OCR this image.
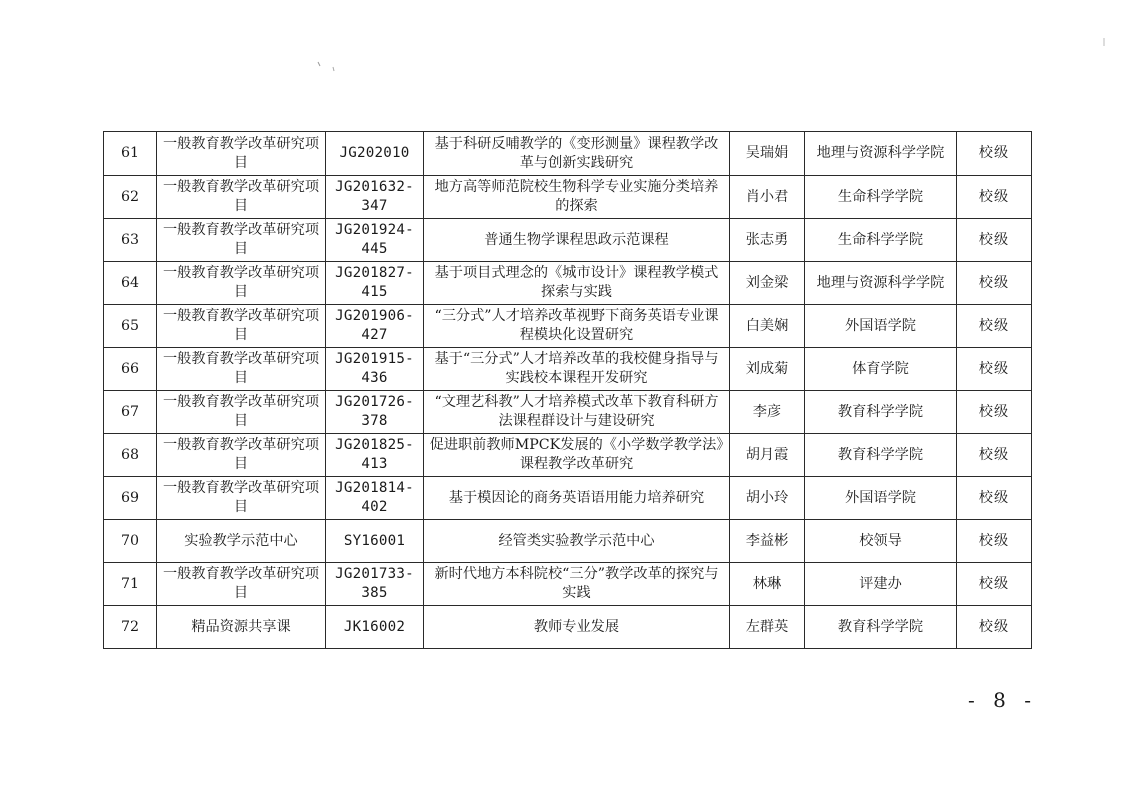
61	一般教育教学改革研究项目	JG202010	基于科研反哺教学的《变形测量》课程教学改革与创新实践研究	吴瑞娟	地理与资源科学学院	校级
62	一般教育教学改革研究项目	JG201632-347	地方高等师范院校生物科学专业实施分类培养的探索	肖小君	生命科学学院	校级
63	一般教育教学改革研究项目	JG201924-445	普通生物学课程思政示范课程	张志勇	生命科学学院	校级
64	一般教育教学改革研究项目	JG201827-415	基于项目式理念的《城市设计》课程教学模式探索与实践	刘金梁	地理与资源科学学院	校级
65	一般教育教学改革研究项目	JG201906-427	“三分式”人才培养改革视野下商务英语专业课程模块化设置研究	白美娴	外国语学院	校级
66	一般教育教学改革研究项目	JG201915-436	基于“三分式”人才培养改革的我校健身指导与实践校本课程开发研究	刘成菊	体育学院	校级
67	一般教育教学改革研究项目	JG201726-378	“文理艺科教”人才培养模式改革下教育科研方法课程群设计与建设研究	李彦	教育科学学院	校级
68	一般教育教学改革研究项目	JG201825-413	促进职前教师MPCK发展的《小学数学教学法》课程教学改革研究	胡月霞	教育科学学院	校级
69	一般教育教学改革研究项目	JG201814-402	基于模因论的商务英语语用能力培养研究	胡小玲	外国语学院	校级
70	实验教学示范中心	SY16001	经管类实验教学示范中心	李益彬	校领导	校级
71	一般教育教学改革研究项目	JG201733-385	新时代地方本科院校“三分”教学改革的探究与实践	林琳	评建办	校级
72	精品资源共享课	JK16002	教师专业发展	左群英	教育科学学院	校级
- 8 -
